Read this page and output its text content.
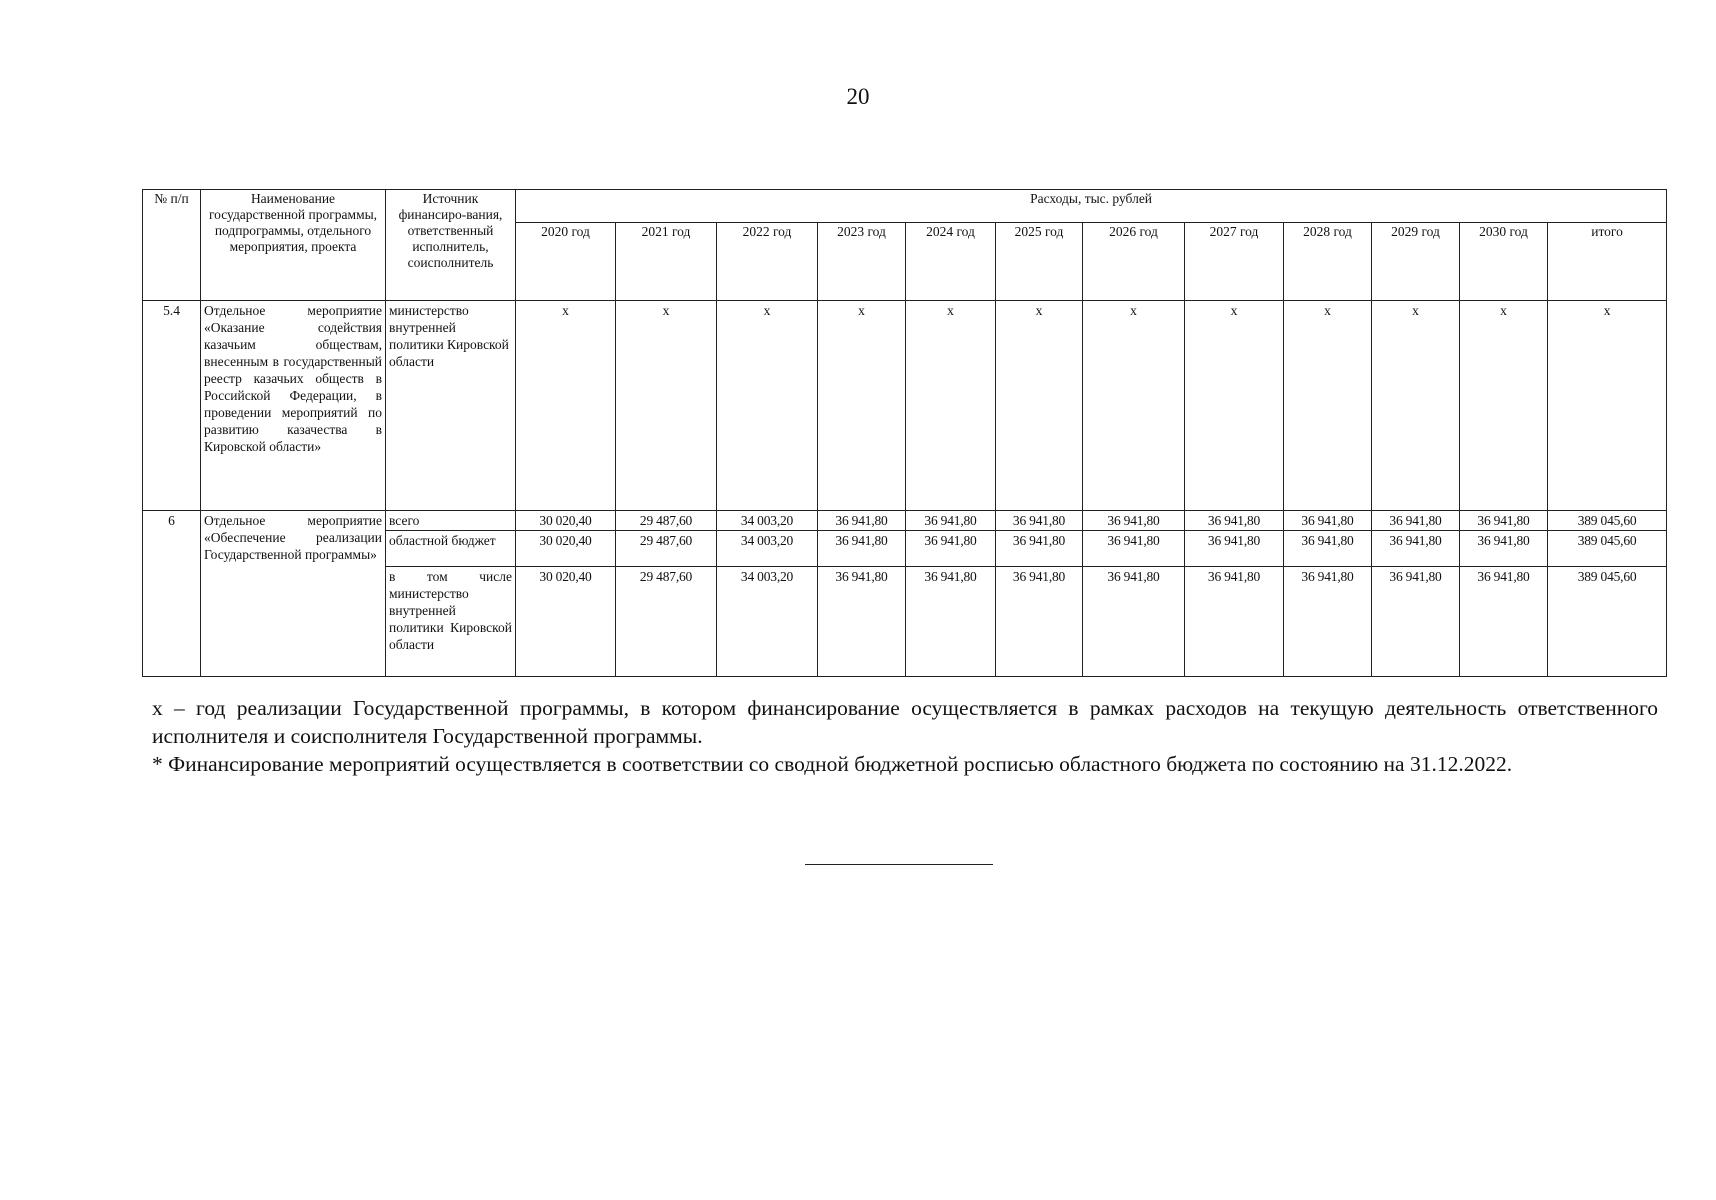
20
№ п/п	Наименование государственной программы, подпрограммы, отдельного мероприятия, проекта	Источник финансиро-вания, ответственный исполнитель, соисполнитель	Расходы, тыс. рублей											
			2020 год	2021 год	2022 год	2023 год	2024 год	2025 год	2026 год	2027 год	2028 год	2029 год	2030 год	итого
5.4	Отдельное мероприятие «Оказание содействия казачьим обществам, внесенным в государственный реестр казачьих обществ в Российской Федерации, в проведении мероприятий по развитию казачества в Кировской области»	министерство внутренней политики Кировской области	x	x	x	x	x	x	x	x	x	x	x	x
6	Отдельное мероприятие «Обеспечение реализации Государственной программы»	всего	30 020,40	29 487,60	34 003,20	36 941,80	36 941,80	36 941,80	36 941,80	36 941,80	36 941,80	36 941,80	36 941,80	389 045,60
		областной бюджет	30 020,40	29 487,60	34 003,20	36 941,80	36 941,80	36 941,80	36 941,80	36 941,80	36 941,80	36 941,80	36 941,80	389 045,60
		в том числе министерство внутренней политики Кировской области	30 020,40	29 487,60	34 003,20	36 941,80	36 941,80	36 941,80	36 941,80	36 941,80	36 941,80	36 941,80	36 941,80	389 045,60

x – год реализации Государственной программы, в котором финансирование осуществляется в рамках расходов на текущую деятельность ответственного исполнителя и соисполнителя Государственной программы.

* Финансирование мероприятий осуществляется в соответствии со сводной бюджетной росписью областного бюджета по состоянию на 31.12.2022.
